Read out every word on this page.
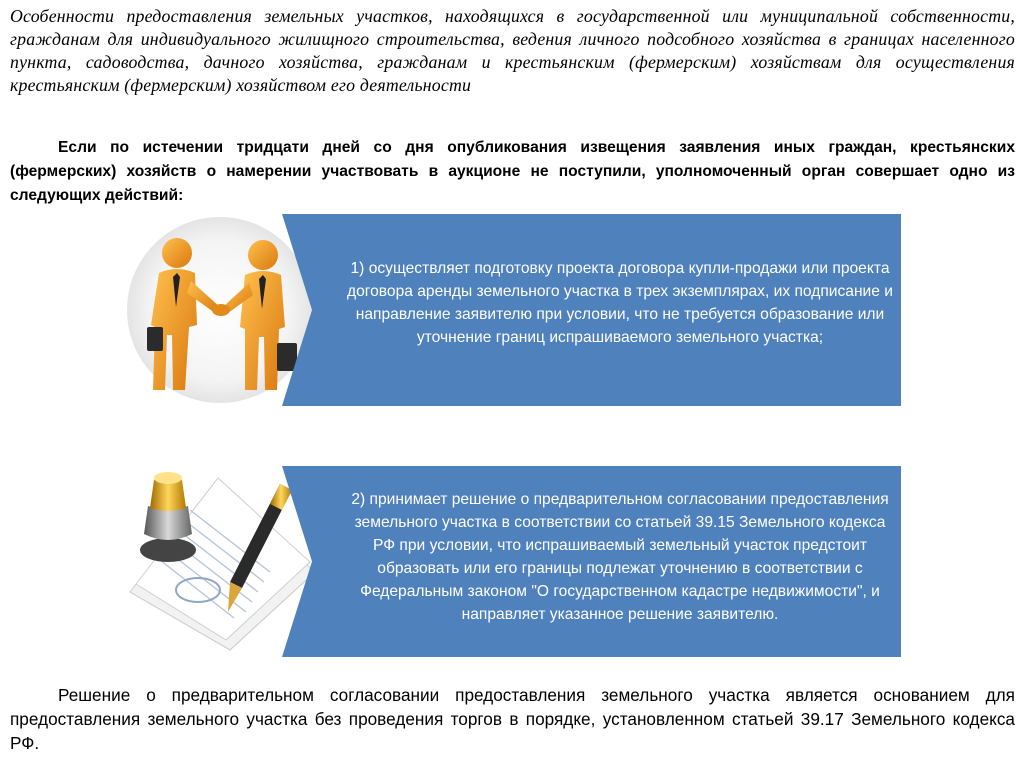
Особенности предоставления земельных участков, находящихся в государственной или муниципальной собственности, гражданам для индивидуального жилищного строительства, ведения личного подсобного хозяйства в границах населенного пункта, садоводства, дачного хозяйства, гражданам и крестьянским (фермерским) хозяйствам для осуществления крестьянским (фермерским) хозяйством его деятельности

Если по истечении тридцати дней со дня опубликования извещения заявления иных граждан, крестьянских (фермерских) хозяйств о намерении участвовать в аукционе не поступили, уполномоченный орган совершает одно из следующих действий:

1) осуществляет подготовку проекта договора купли-продажи или проекта договора аренды земельного участка в трех экземплярах, их подписание и направление заявителю при условии, что не требуется образование или уточнение границ испрашиваемого земельного участка;
2) принимает решение о предварительном согласовании предоставления земельного участка в соответствии со статьей 39.15 Земельного кодекса РФ при условии, что испрашиваемый земельный участок предстоит образовать или его границы подлежат уточнению в соответствии с Федеральным законом "О государственном кадастре недвижимости", и направляет указанное решение заявителю.

Решение о предварительном согласовании предоставления земельного участка является основанием для предоставления земельного участка без проведения торгов в порядке, установленном статьей 39.17 Земельного кодекса РФ.
